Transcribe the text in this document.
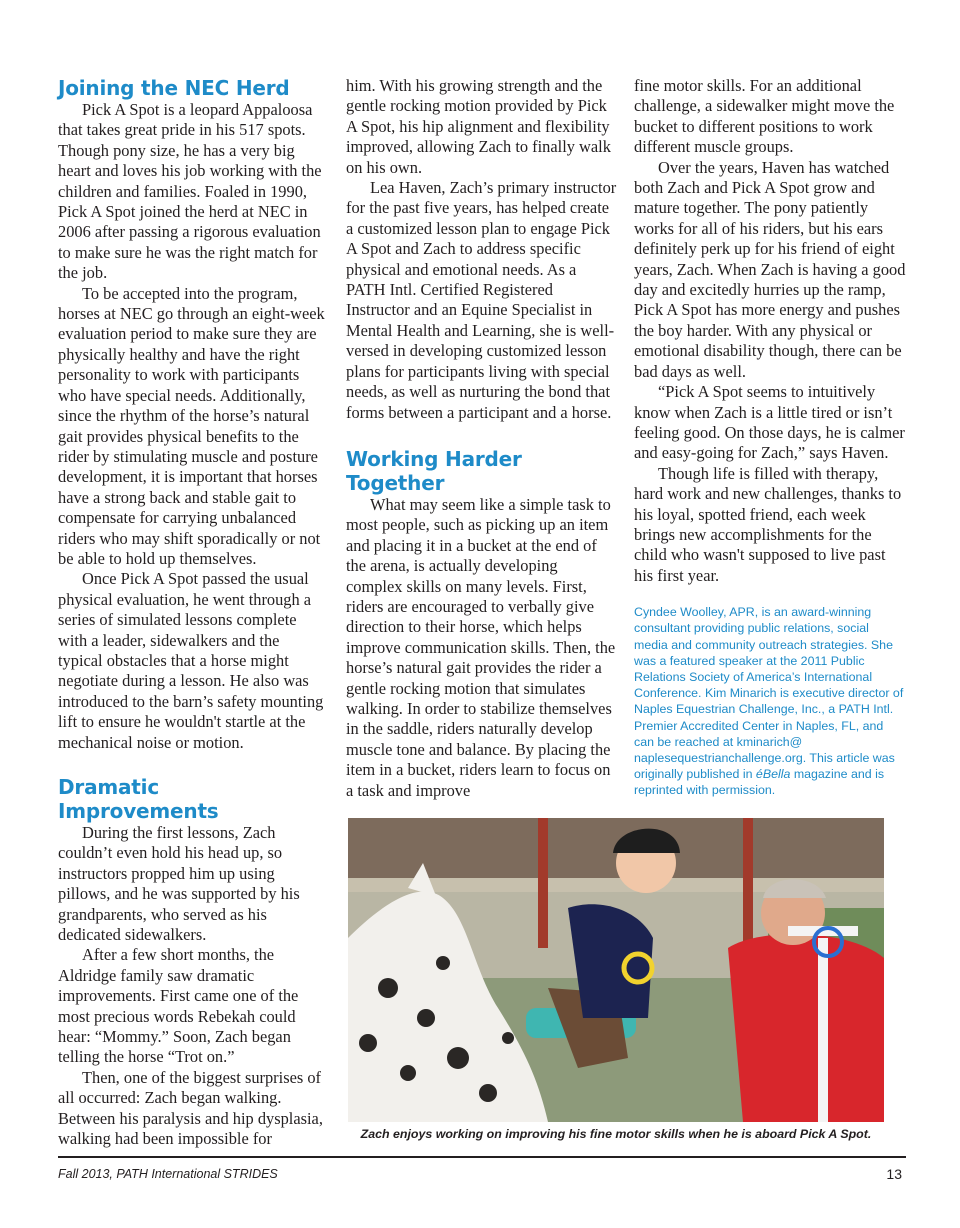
Joining the NEC Herd

Pick A Spot is a leopard Appaloosa that takes great pride in his 517 spots. Though pony size, he has a very big heart and loves his job working with the children and families. Foaled in 1990, Pick A Spot joined the herd at NEC in 2006 after passing a rigorous evaluation to make sure he was the right match for the job.

To be accepted into the program, horses at NEC go through an eight-week evaluation period to make sure they are physically healthy and have the right personality to work with participants who have special needs. Additionally, since the rhythm of the horse’s natural gait provides physical benefits to the rider by stimulating muscle and posture development, it is important that horses have a strong back and stable gait to compensate for carrying unbalanced riders who may shift sporadically or not be able to hold up themselves.

Once Pick A Spot passed the usual physical evaluation, he went through a series of simulated lessons complete with a leader, sidewalkers and the typical obstacles that a horse might negotiate during a lesson. He also was introduced to the barn’s safety mounting lift to ensure he wouldn't startle at the mechanical noise or motion.

Dramatic Improvements

During the first lessons, Zach couldn’t even hold his head up, so instructors propped him up using pillows, and he was supported by his grandparents, who served as his dedicated sidewalkers.

After a few short months, the Aldridge family saw dramatic improvements. First came one of the most precious words Rebekah could hear: “Mommy.” Soon, Zach began telling the horse “Trot on.”

Then, one of the biggest surprises of all occurred: Zach began walking. Between his paralysis and hip dysplasia, walking had been impossible for

him. With his growing strength and the gentle rocking motion provided by Pick A Spot, his hip alignment and flexibility improved, allowing Zach to finally walk on his own.

Lea Haven, Zach’s primary instructor for the past five years, has helped create a customized lesson plan to engage Pick A Spot and Zach to address specific physical and emotional needs. As a PATH Intl. Certified Registered Instructor and an Equine Specialist in Mental Health and Learning, she is well-versed in developing customized lesson plans for participants living with special needs, as well as nurturing the bond that forms between a participant and a horse.

Working Harder Together

What may seem like a simple task to most people, such as picking up an item and placing it in a bucket at the end of the arena, is actually developing complex skills on many levels. First, riders are encouraged to verbally give direction to their horse, which helps improve communication skills. Then, the horse’s natural gait provides the rider a gentle rocking motion that simulates walking. In order to stabilize themselves in the saddle, riders naturally develop muscle tone and balance. By placing the item in a bucket, riders learn to focus on a task and improve

fine motor skills. For an additional challenge, a sidewalker might move the bucket to different positions to work different muscle groups.

Over the years, Haven has watched both Zach and Pick A Spot grow and mature together. The pony patiently works for all of his riders, but his ears definitely perk up for his friend of eight years, Zach. When Zach is having a good day and excitedly hurries up the ramp, Pick A Spot has more energy and pushes the boy harder. With any physical or emotional disability though, there can be bad days as well.

“Pick A Spot seems to intuitively know when Zach is a little tired or isn’t feeling good. On those days, he is calmer and easy-going for Zach,” says Haven.

Though life is filled with therapy, hard work and new challenges, thanks to his loyal, spotted friend, each week brings new accomplishments for the child who wasn't supposed to live past his first year.

Cyndee Woolley, APR, is an award-winning consultant providing public relations, social media and community outreach strategies. She was a featured speaker at the 2011 Public Relations Society of America’s International Conference. Kim Minarich is executive director of Naples Equestrian Challenge, Inc., a PATH Intl. Premier Accredited Center in Naples, FL, and can be reached at kminarich@ naplesequestrianchallenge.org. This article was originally published in éBella magazine and is reprinted with permission.
Zach enjoys working on improving his fine motor skills when he is aboard Pick A Spot.
Fall 2013, PATH International STRIDES	13
